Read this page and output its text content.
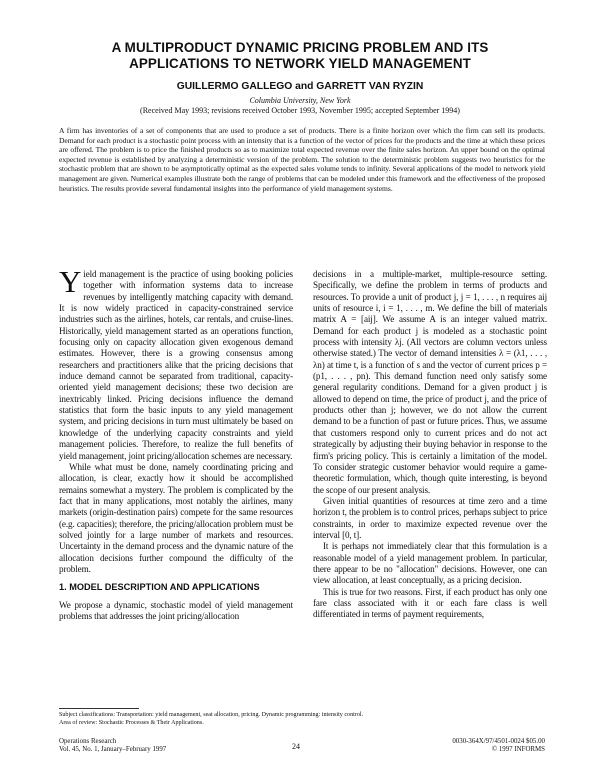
A MULTIPRODUCT DYNAMIC PRICING PROBLEM AND ITS
APPLICATIONS TO NETWORK YIELD MANAGEMENT
GUILLERMO GALLEGO and GARRETT VAN RYZIN
Columbia University, New York
(Received May 1993; revisions received October 1993, November 1995; accepted September 1994)
A firm has inventories of a set of components that are used to produce a set of products. There is a finite horizon over which the firm can sell its products. Demand for each product is a stochastic point process with an intensity that is a function of the vector of prices for the products and the time at which these prices are offered. The problem is to price the finished products so as to maximize total expected revenue over the finite sales horizon. An upper bound on the optimal expected revenue is established by analyzing a deterministic version of the problem. The solution to the deterministic problem suggests two heuristics for the stochastic problem that are shown to be asymptotically optimal as the expected sales volume tends to infinity. Several applications of the model to network yield management are given. Numerical examples illustrate both the range of problems that can be modeled under this framework and the effectiveness of the proposed heuristics. The results provide several fundamental insights into the performance of yield management systems.

Yield management is the practice of using booking policies together with information systems data to increase revenues by intelligently matching capacity with demand. It is now widely practiced in capacity-constrained service industries such as the airlines, hotels, car rentals, and cruise-lines. Historically, yield management started as an operations function, focusing only on capacity allocation given exogenous demand estimates. However, there is a growing consensus among researchers and practitioners alike that the pricing decisions that induce demand cannot be separated from traditional, capacity-oriented yield management decisions; these two decision are inextricably linked. Pricing decisions influence the demand statistics that form the basic inputs to any yield management system, and pricing decisions in turn must ultimately be based on knowledge of the underlying capacity constraints and yield management policies. Therefore, to realize the full benefits of yield management, joint pricing/allocation schemes are necessary.

While what must be done, namely coordinating pricing and allocation, is clear, exactly how it should be accomplished remains somewhat a mystery. The problem is complicated by the fact that in many applications, most notably the airlines, many markets (origin-destination pairs) compete for the same resources (e.g. capacities); therefore, the pricing/allocation problem must be solved jointly for a large number of markets and resources. Uncertainty in the demand process and the dynamic nature of the allocation decisions further compound the difficulty of the problem.

1. MODEL DESCRIPTION AND APPLICATIONS

We propose a dynamic, stochastic model of yield management problems that addresses the joint pricing/allocation

decisions in a multiple-market, multiple-resource setting. Specifically, we define the problem in terms of products and resources. To provide a unit of product j, j = 1, . . . , n requires aij units of resource i, i = 1, . . . , m. We define the bill of materials matrix A = [aij]. We assume A is an integer valued matrix. Demand for each product j is modeled as a stochastic point process with intensity λj. (All vectors are column vectors unless otherwise stated.) The vector of demand intensities λ = (λ1, . . . , λn) at time t, is a function of s and the vector of current prices p = (p1, . . . , pn). This demand function need only satisfy some general regularity conditions. Demand for a given product j is allowed to depend on time, the price of product j, and the price of products other than j; however, we do not allow the current demand to be a function of past or future prices. Thus, we assume that customers respond only to current prices and do not act strategically by adjusting their buying behavior in response to the firm's pricing policy. This is certainly a limitation of the model. To consider strategic customer behavior would require a game-theoretic formulation, which, though quite interesting, is beyond the scope of our present analysis.

Given initial quantities of resources at time zero and a time horizon t, the problem is to control prices, perhaps subject to price constraints, in order to maximize expected revenue over the interval [0, t].

It is perhaps not immediately clear that this formulation is a reasonable model of a yield management problem. In particular, there appear to be no "allocation" decisions. However, one can view allocation, at least conceptually, as a pricing decision.

This is true for two reasons. First, if each product has only one fare class associated with it or each fare class is well differentiated in terms of payment requirements,

Subject classifications: Transportation: yield management, seat allocation, pricing. Dynamic programming: intensity control.
Area of review: Stochastic Processes & Their Applications.
Operations Research
Vol. 45, No. 1, January–February 1997	24
0030-364X/97/4501-0024 $05.00
© 1997 INFORMS
